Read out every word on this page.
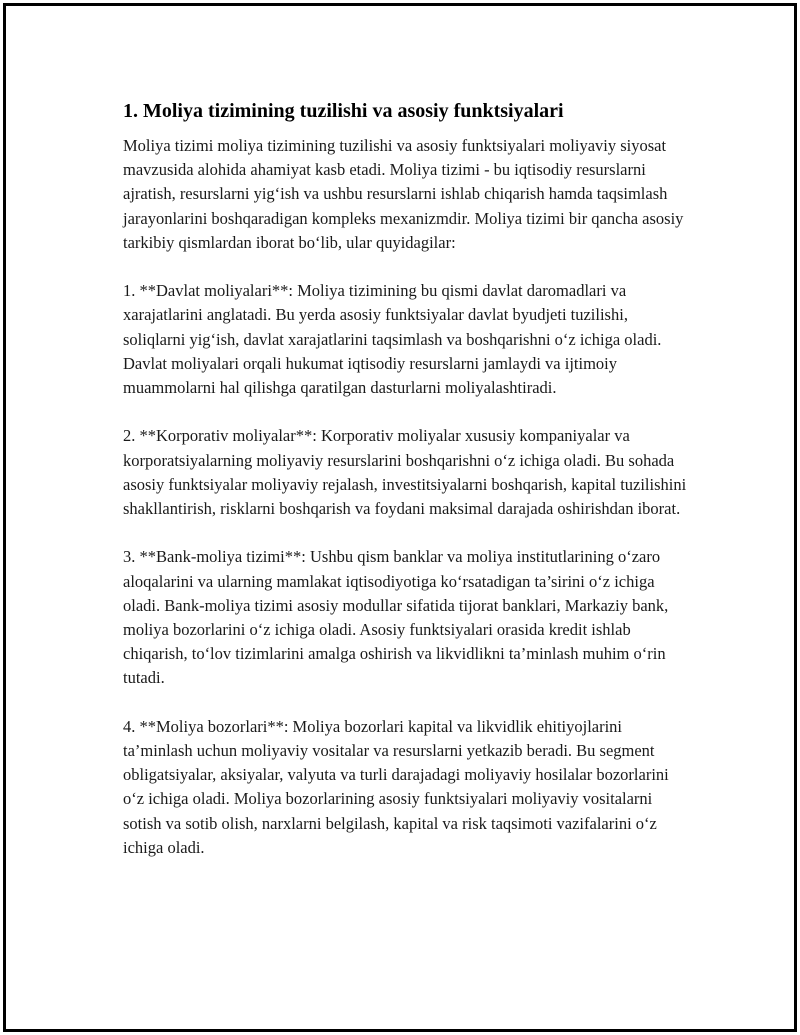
1. Moliya tizimining tuzilishi va asosiy funktsiyalari

Moliya tizimi moliya tizimining tuzilishi va asosiy funktsiyalari moliyaviy siyosat mavzusida alohida ahamiyat kasb etadi. Moliya tizimi - bu iqtisodiy resurslarni ajratish, resurslarni yig‘ish va ushbu resurslarni ishlab chiqarish hamda taqsimlash jarayonlarini boshqaradigan kompleks mexanizmdir. Moliya tizimi bir qancha asosiy tarkibiy qismlardan iborat bo‘lib, ular quyidagilar:

1. **Davlat moliyalari**: Moliya tizimining bu qismi davlat daromadlari va xarajatlarini anglatadi. Bu yerda asosiy funktsiyalar davlat byudjeti tuzilishi, soliqlarni yig‘ish, davlat xarajatlarini taqsimlash va boshqarishni o‘z ichiga oladi. Davlat moliyalari orqali hukumat iqtisodiy resurslarni jamlaydi va ijtimoiy muammolarni hal qilishga qaratilgan dasturlarni moliyalashtiradi.

2. **Korporativ moliyalar**: Korporativ moliyalar xususiy kompaniyalar va korporatsiyalarning moliyaviy resurslarini boshqarishni o‘z ichiga oladi. Bu sohada asosiy funktsiyalar moliyaviy rejalash, investitsiyalarni boshqarish, kapital tuzilishini shakllantirish, risklarni boshqarish va foydani maksimal darajada oshirishdan iborat.

3. **Bank-moliya tizimi**: Ushbu qism banklar va moliya institutlarining o‘zaro aloqalarini va ularning mamlakat iqtisodiyotiga ko‘rsatadigan ta’sirini o‘z ichiga oladi. Bank-moliya tizimi asosiy modullar sifatida tijorat banklari, Markaziy bank, moliya bozorlarini o‘z ichiga oladi. Asosiy funktsiyalari orasida kredit ishlab chiqarish, to‘lov tizimlarini amalga oshirish va likvidlikni ta’minlash muhim o‘rin tutadi.

4. **Moliya bozorlari**: Moliya bozorlari kapital va likvidlik ehitiyojlarini ta’minlash uchun moliyaviy vositalar va resurslarni yetkazib beradi. Bu segment obligatsiyalar, aksiyalar, valyuta va turli darajadagi moliyaviy hosilalar bozorlarini o‘z ichiga oladi. Moliya bozorlarining asosiy funktsiyalari moliyaviy vositalarni sotish va sotib olish, narxlarni belgilash, kapital va risk taqsimoti vazifalarini o‘z ichiga oladi.
